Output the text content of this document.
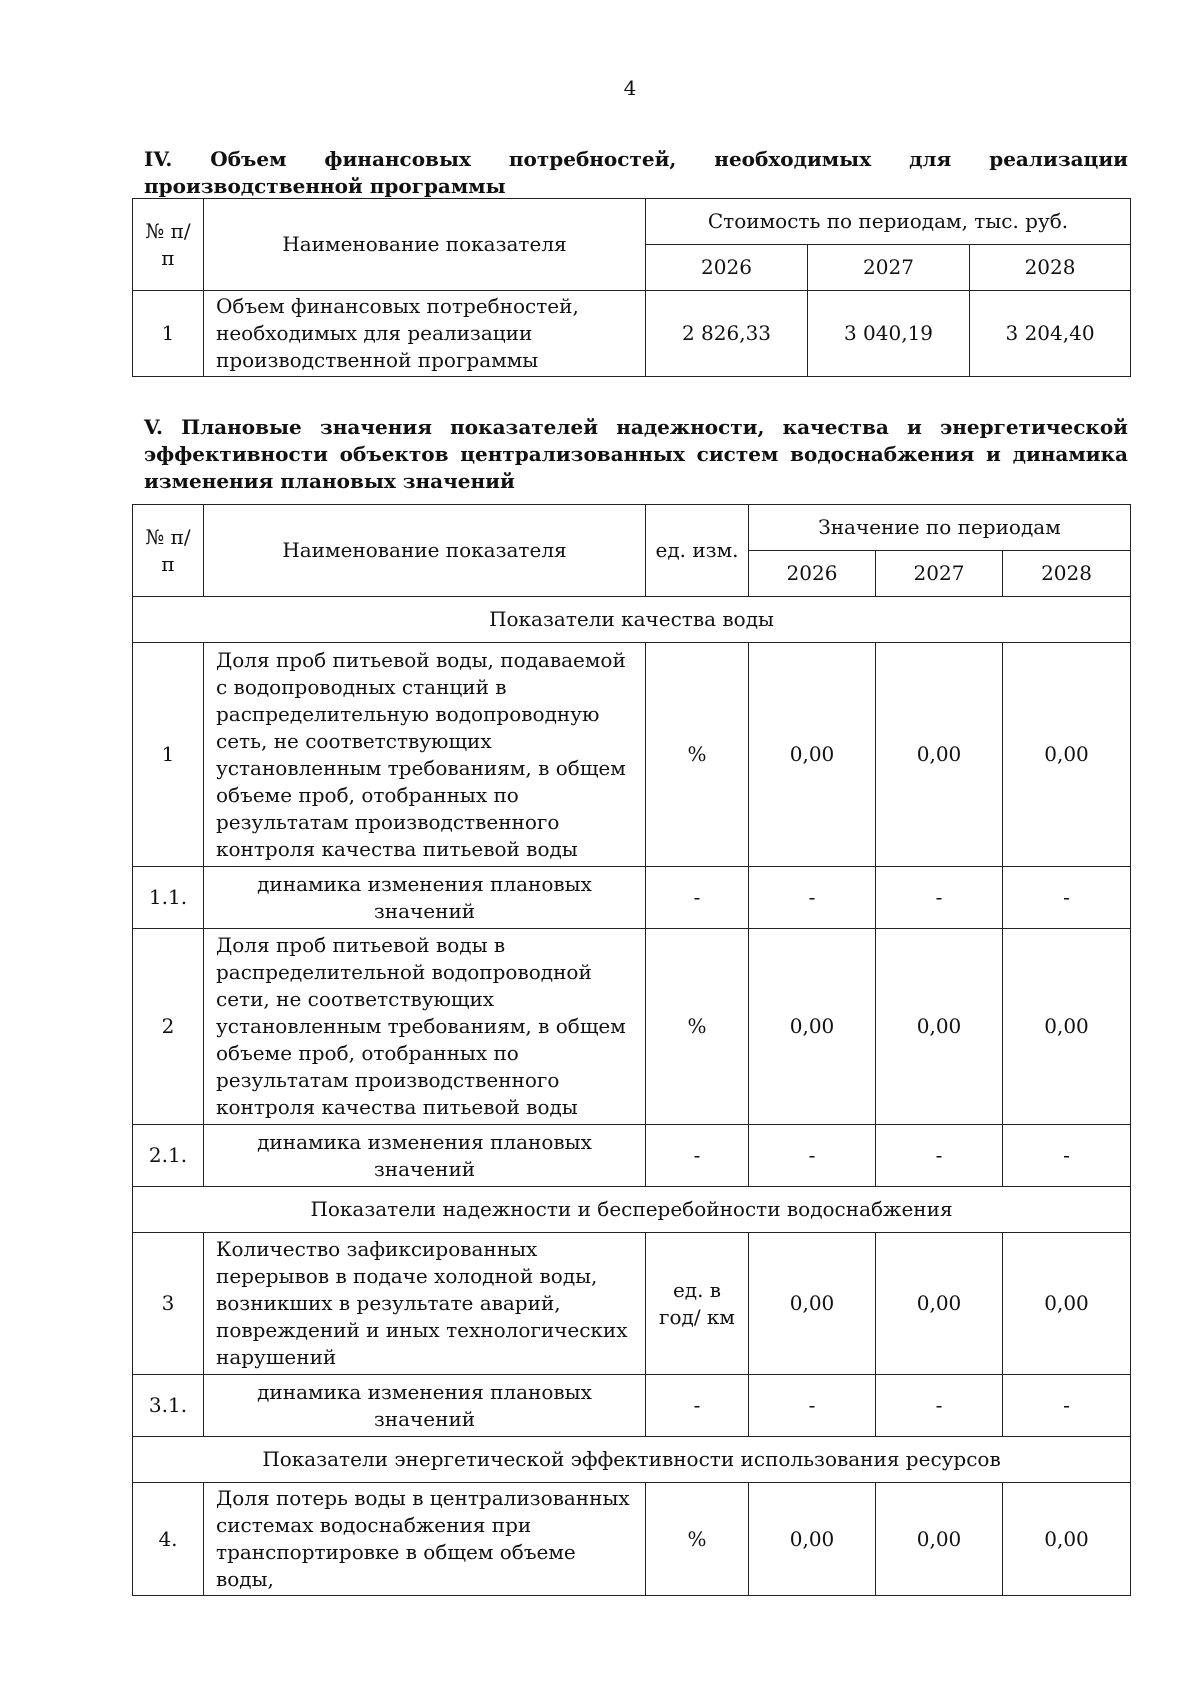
4
IV. Объем финансовых потребностей, необходимых для реализации производственной программы
№ п/п	Наименование показателя	Стоимость по периодам, тыс. руб.		
		2026	2027	2028
1	Объем финансовых потребностей, необходимых для реализации производственной программы	2 826,33	3 040,19	3 204,40
V. Плановые значения показателей надежности, качества и энергетической эффективности объектов централизованных систем водоснабжения и динамика изменения плановых значений
№ п/п	Наименование показателя	ед. изм.	Значение по периодам		
			2026	2027	2028
Показатели качества воды					
1	Доля проб питьевой воды, подаваемой с водопроводных станций в распределительную водопроводную сеть, не соответствующих установленным требованиям, в общем объеме проб, отобранных по результатам производственного контроля качества питьевой воды	%	0,00	0,00	0,00
1.1.	динамика изменения плановых значений	-	-	-	-
2	Доля проб питьевой воды в распределительной водопроводной сети, не соответствующих установленным требованиям, в общем объеме проб, отобранных по результатам производственного контроля качества питьевой воды	%	0,00	0,00	0,00
2.1.	динамика изменения плановых значений	-	-	-	-
Показатели надежности и бесперебойности водоснабжения					
3	Количество зафиксированных перерывов в подаче холодной воды, возникших в результате аварий, повреждений и иных технологических нарушений	ед. в год/ км	0,00	0,00	0,00
3.1.	динамика изменения плановых значений	-	-	-	-
Показатели энергетической эффективности использования ресурсов					
4.	Доля потерь воды в централизованных системах водоснабжения при транспортировке в общем объеме воды,	%	0,00	0,00	0,00
